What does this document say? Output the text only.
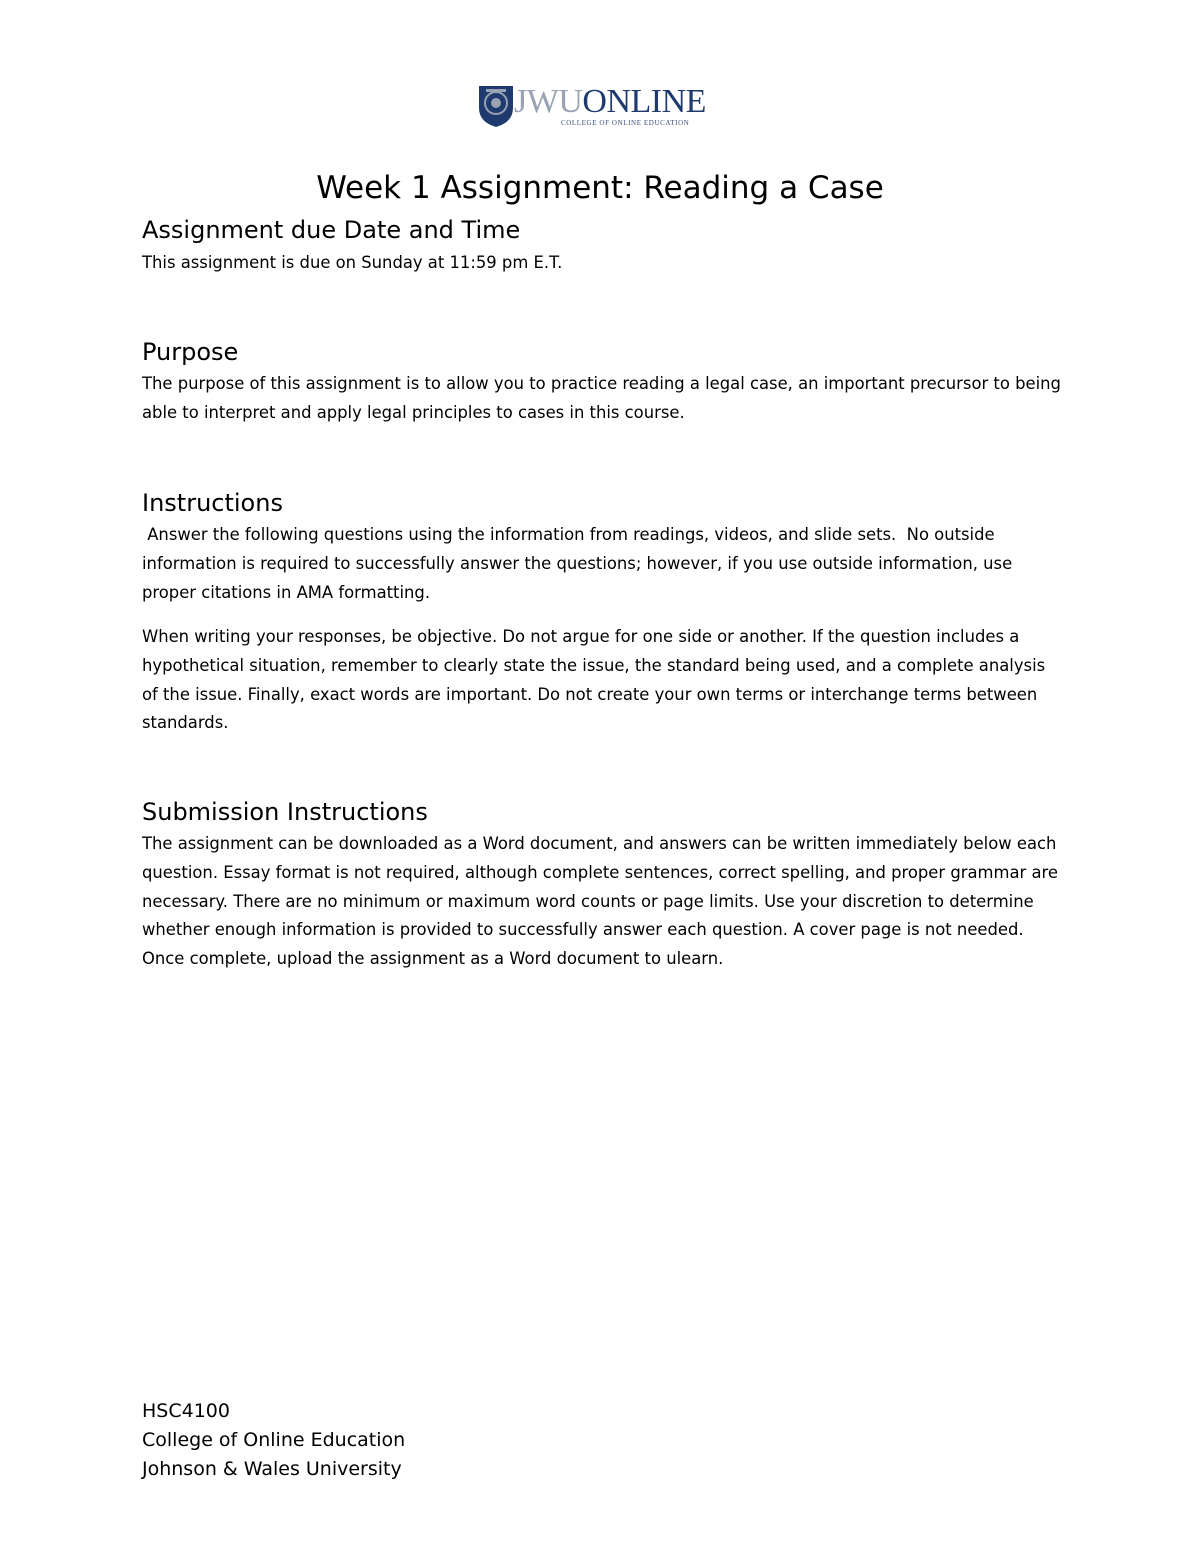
JWUONLINE
COLLEGE OF ONLINE EDUCATION
Week 1 Assignment: Reading a Case
Assignment due Date and Time

This assignment is due on Sunday at 11:59 pm E.T.

Purpose

The purpose of this assignment is to allow you to practice reading a legal case, an important precursor to being able to interpret and apply legal principles to cases in this course.

Instructions

Answer the following questions using the information from readings, videos, and slide sets.  No outside information is required to successfully answer the questions; however, if you use outside information, use proper citations in AMA formatting.

When writing your responses, be objective. Do not argue for one side or another. If the question includes a hypothetical situation, remember to clearly state the issue, the standard being used, and a complete analysis of the issue. Finally, exact words are important. Do not create your own terms or interchange terms between standards.

Submission Instructions

The assignment can be downloaded as a Word document, and answers can be written immediately below each question. Essay format is not required, although complete sentences, correct spelling, and proper grammar are necessary. There are no minimum or maximum word counts or page limits. Use your discretion to determine whether enough information is provided to successfully answer each question. A cover page is not needed. Once complete, upload the assignment as a Word document to ulearn.

HSC4100
College of Online Education
Johnson & Wales University
